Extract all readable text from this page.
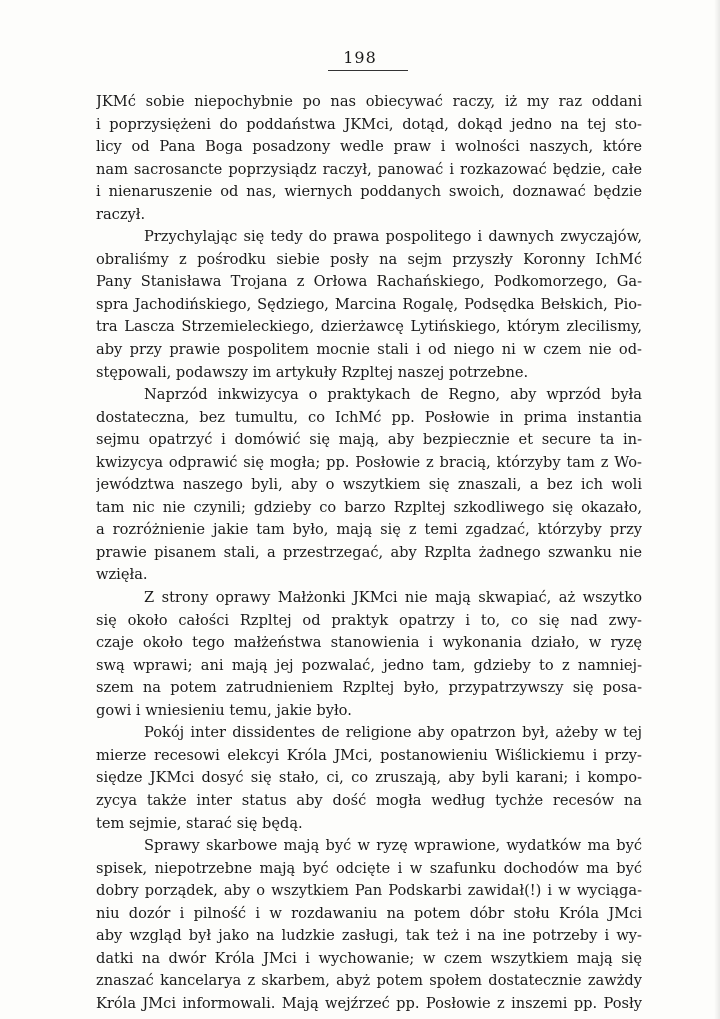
198
JKMć sobie niepochybnie po nas obiecywać raczy, iż my raz oddani
i poprzysiężeni do poddaństwa JKMci, dotąd, dokąd jedno na tej sto-
licy od Pana Boga posadzony wedle praw i wolności naszych, które
nam sacrosancte poprzysiądz raczył, panować i rozkazować będzie, całe
i nienaruszenie od nas, wiernych poddanych swoich, doznawać będzie
raczył.
Przychylając się tedy do prawa pospolitego i dawnych zwyczajów,
obraliśmy z pośrodku siebie posły na sejm przyszły Koronny IchMć
Pany Stanisława Trojana z Orłowa Rachańskiego, Podkomorzego, Ga-
spra Jachodińskiego, Sędziego, Marcina Rogalę, Podsędka Bełskich, Pio-
tra Lascza Strzemieleckiego, dzierżawcę Lytińskiego, którym zlecilismy,
aby przy prawie pospolitem mocnie stali i od niego ni w czem nie od-
stępowali, podawszy im artykuły Rzpltej naszej potrzebne.
Naprzód inkwizycya o praktykach de Regno, aby wprzód była
dostateczna, bez tumultu, co IchMć pp. Posłowie in prima instantia
sejmu opatrzyć i domówić się mają, aby bezpiecznie et secure ta in-
kwizycya odprawić się mogła; pp. Posłowie z bracią, którzyby tam z Wo-
jewództwa naszego byli, aby o wszytkiem się znaszali, a bez ich woli
tam nic nie czynili; gdzieby co barzo Rzpltej szkodliwego się okazało,
a rozróżnienie jakie tam było, mają się z temi zgadzać, którzyby przy
prawie pisanem stali, a przestrzegać, aby Rzplta żadnego szwanku nie
wzięła.
Z strony oprawy Małżonki JKMci nie mają skwapiać, aż wszytko
się około całości Rzpltej od praktyk opatrzy i to, co się nad zwy-
czaje około tego małżeństwa stanowienia i wykonania działo, w ryzę
swą wprawi; ani mają jej pozwalać, jedno tam, gdzieby to z namniej-
szem na potem zatrudnieniem Rzpltej było, przypatrzywszy się posa-
gowi i wniesieniu temu, jakie było.
Pokój inter dissidentes de religione aby opatrzon był, ażeby w tej
mierze recesowi elekcyi Króla JMci, postanowieniu Wiślickiemu i przy-
siędze JKMci dosyć się stało, ci, co zruszają, aby byli karani; i kompo-
zycya także inter status aby dość mogła według tychże recesów na
tem sejmie, starać się będą.
Sprawy skarbowe mają być w ryzę wprawione, wydatków ma być
spisek, niepotrzebne mają być odcięte i w szafunku dochodów ma być
dobry porządek, aby o wszytkiem Pan Podskarbi zawidał(!) i w wyciąga-
niu dozór i pilność i w rozdawaniu na potem dóbr stołu Króla JMci
aby wzgląd był jako na ludzkie zasługi, tak też i na ine potrzeby i wy-
datki na dwór Króla JMci i wychowanie; w czem wszytkiem mają się
znaszać kancelarya z skarbem, abyż potem społem dostatecznie zawżdy
Króla JMci informowali. Mają wejźrzeć pp. Posłowie z inszemi pp. Posły
